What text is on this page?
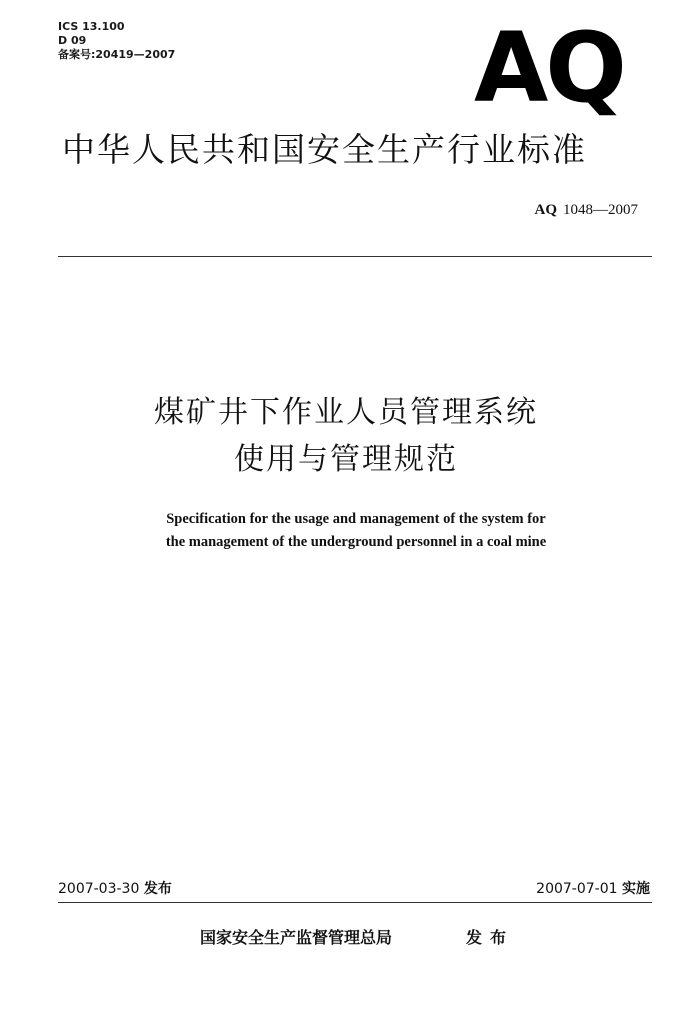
ICS 13.100
D 09
备案号:20419—2007	AQ
中华人民共和国安全生产行业标准
AQ 1048—2007
煤矿井下作业人员管理系统
使用与管理规范
Specification for the usage and management of the system for
the management of the underground personnel in a coal mine
2007-03-30 发布	2007-07-01 实施
国家安全生产监督管理总局	发布
